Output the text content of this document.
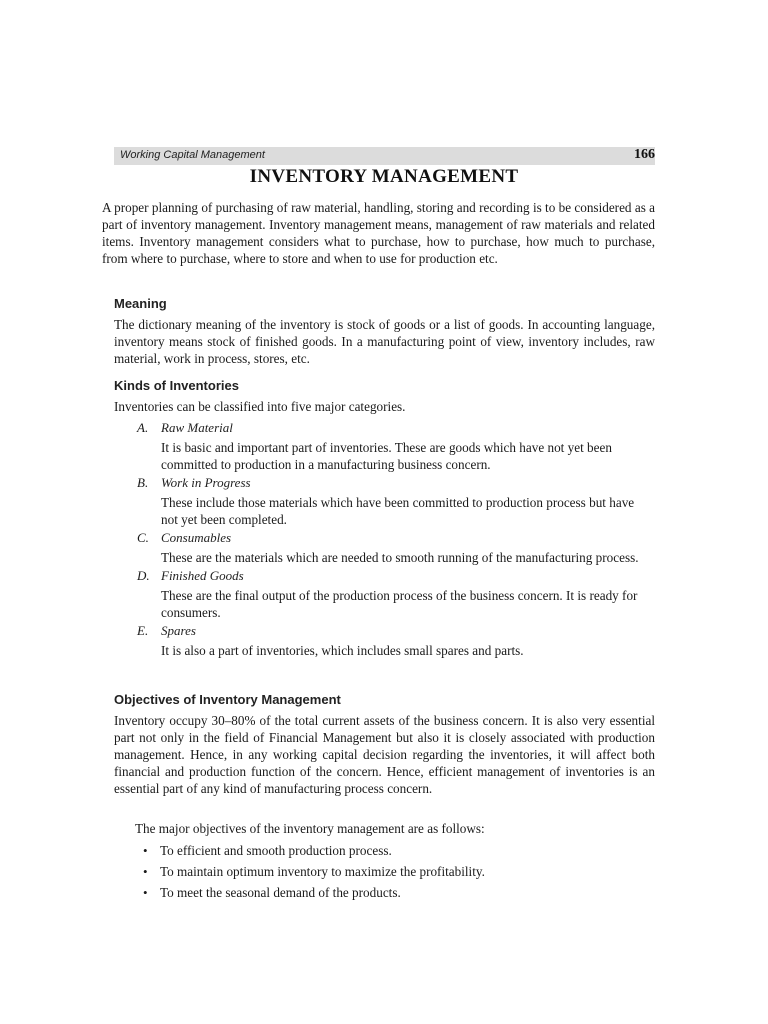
Working Capital Management	166
INVENTORY MANAGEMENT

A proper planning of purchasing of raw material, handling, storing and recording is to be considered as a part of inventory management. Inventory management means, management of raw materials and related items. Inventory management considers what to purchase, how to purchase, how much to purchase, from where to purchase, where to store and when to use for production etc.

Meaning

The dictionary meaning of the inventory is stock of goods or a list of goods. In accounting language, inventory means stock of finished goods. In a manufacturing point of view, inventory includes, raw material, work in process, stores, etc.

Kinds of Inventories

Inventories can be classified into five major categories.

A. Raw Material

It is basic and important part of inventories. These are goods which have not yet been committed to production in a manufacturing business concern.

B. Work in Progress

These include those materials which have been committed to production process but have not yet been completed.

C. Consumables

These are the materials which are needed to smooth running of the manufacturing process.

D. Finished Goods

These are the final output of the production process of the business concern. It is ready for consumers.

E. Spares

It is also a part of inventories, which includes small spares and parts.

Objectives of Inventory Management

Inventory occupy 30–80% of the total current assets of the business concern. It is also very essential part not only in the field of Financial Management but also it is closely associated with production management. Hence, in any working capital decision regarding the inventories, it will affect both financial and production function of the concern. Hence, efficient management of inventories is an essential part of any kind of manufacturing process concern.

The major objectives of the inventory management are as follows:

• To efficient and smooth production process.
• To maintain optimum inventory to maximize the profitability.
• To meet the seasonal demand of the products.
